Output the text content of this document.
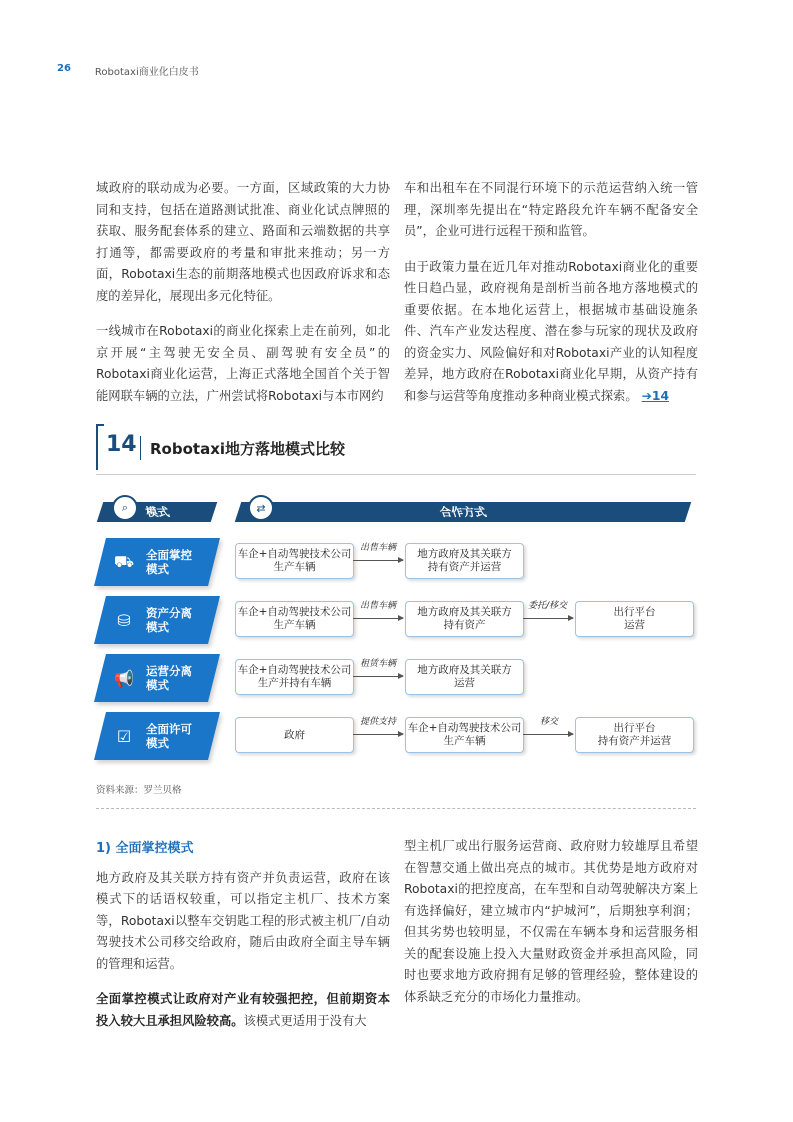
26 Robotaxi商业化白皮书

域政府的联动成为必要。一方面，区域政策的大力协同和支持，包括在道路测试批准、商业化试点牌照的获取、服务配套体系的建立、路面和云端数据的共享打通等，都需要政府的考量和审批来推动；另一方面，Robotaxi生态的前期落地模式也因政府诉求和态度的差异化，展现出多元化特征。

一线城市在Robotaxi的商业化探索上走在前列，如北京开展“主驾驶无安全员、副驾驶有安全员”的Robotaxi商业化运营，上海正式落地全国首个关于智能网联车辆的立法，广州尝试将Robotaxi与本市网约

车和出租车在不同混行环境下的示范运营纳入统一管理，深圳率先提出在“特定路段允许车辆不配备安全员”，企业可进行远程干预和监管。

由于政策力量在近几年对推动Robotaxi商业化的重要性日趋凸显，政府视角是剖析当前各地方落地模式的重要依据。在本地化运营上，根据城市基础设施条件、汽车产业发达程度、潜在参与玩家的现状及政府的资金实力、风险偏好和对Robotaxi产业的认知程度差异，地方政府在Robotaxi商业化早期，从资产持有和参与运营等角度推动多种商业模式探索。 ➔14

14 Robotaxi地方落地模式比较
模式
⌕	合作方式
⇄
⛟	全面掌控
模式
车企+自动驾驶技术公司
生产车辆
出售车辆	地方政府及其关联方
持有资产并运营
⛁	资产分离
模式
车企+自动驾驶技术公司
生产车辆
出售车辆	地方政府及其关联方
持有资产
委托/移交	出行平台
运营
📢	运营分离
模式
车企+自动驾驶技术公司
生产并持有车辆
租赁车辆	地方政府及其关联方
运营
☑	全面许可
模式
政府
提供支持 车企+自动驾驶技术公司
生产车辆
移交	出行平台
持有资产并运营
资料来源：罗兰贝格
1) 全面掌控模式

地方政府及其关联方持有资产并负责运营，政府在该模式下的话语权较重，可以指定主机厂、技术方案等，Robotaxi以整车交钥匙工程的形式被主机厂/自动驾驶技术公司移交给政府，随后由政府全面主导车辆的管理和运营。

全面掌控模式让政府对产业有较强把控，但前期资本投入较大且承担风险较高。该模式更适用于没有大

型主机厂或出行服务运营商、政府财力较雄厚且希望在智慧交通上做出亮点的城市。其优势是地方政府对Robotaxi的把控度高，在车型和自动驾驶解决方案上有选择偏好，建立城市内“护城河”，后期独享利润；但其劣势也较明显，不仅需在车辆本身和运营服务相关的配套设施上投入大量财政资金并承担高风险，同时也要求地方政府拥有足够的管理经验，整体建设的体系缺乏充分的市场化力量推动。
